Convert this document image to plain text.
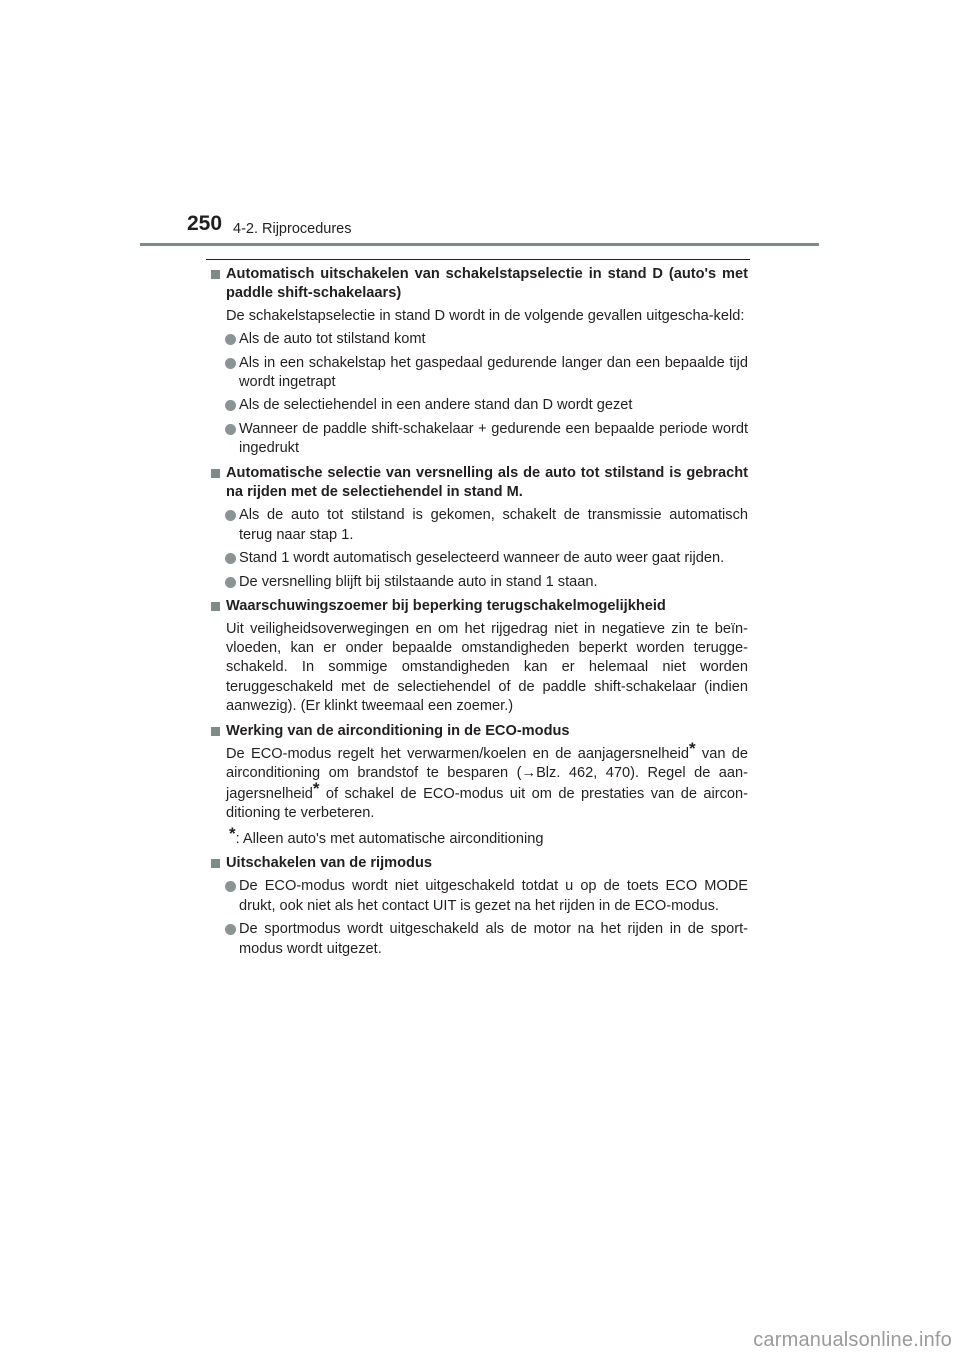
250 4-2. Rijprocedures
Automatisch uitschakelen van schakelstapselectie in stand D (auto's met paddle shift-schakelaars)
De schakelstapselectie in stand D wordt in de volgende gevallen uitgescha-keld:
Als de auto tot stilstand komt
Als in een schakelstap het gaspedaal gedurende langer dan een bepaalde tijd wordt ingetrapt
Als de selectiehendel in een andere stand dan D wordt gezet
Wanneer de paddle shift-schakelaar + gedurende een bepaalde periode wordt ingedrukt
Automatische selectie van versnelling als de auto tot stilstand is gebracht na rijden met de selectiehendel in stand M.
Als de auto tot stilstand is gekomen, schakelt de transmissie automatisch terug naar stap 1.
Stand 1 wordt automatisch geselecteerd wanneer de auto weer gaat rijden.
De versnelling blijft bij stilstaande auto in stand 1 staan.
Waarschuwingszoemer bij beperking terugschakelmogelijkheid
Uit veiligheidsoverwegingen en om het rijgedrag niet in negatieve zin te beïn-vloeden, kan er onder bepaalde omstandigheden beperkt worden terugge-schakeld. In sommige omstandigheden kan er helemaal niet worden teruggeschakeld met de selectiehendel of de paddle shift-schakelaar (indien aanwezig). (Er klinkt tweemaal een zoemer.)
Werking van de airconditioning in de ECO-modus
De ECO-modus regelt het verwarmen/koelen en de aanjagersnelheid* van de airconditioning om brandstof te besparen (→Blz. 462, 470). Regel de aan-jagersnelheid* of schakel de ECO-modus uit om de prestaties van de aircon-ditioning te verbeteren.
*: Alleen auto's met automatische airconditioning
Uitschakelen van de rijmodus
De ECO-modus wordt niet uitgeschakeld totdat u op de toets ECO MODE drukt, ook niet als het contact UIT is gezet na het rijden in de ECO-modus.
De sportmodus wordt uitgeschakeld als de motor na het rijden in de sport-modus wordt uitgezet.
carmanualsonline.info
